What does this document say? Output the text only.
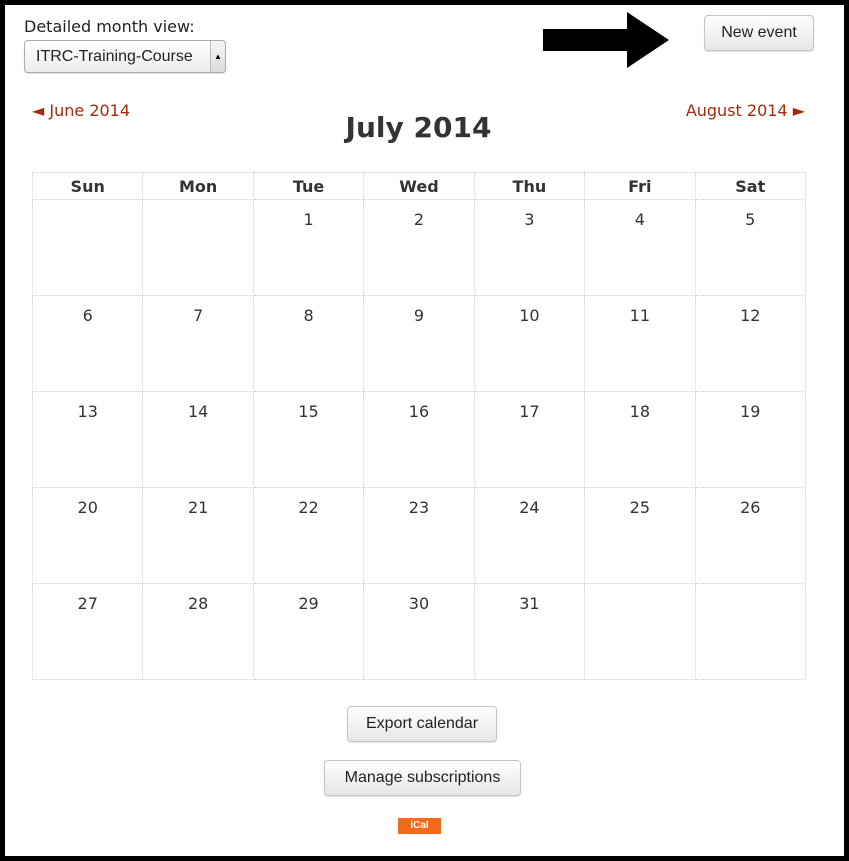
Detailed month view:
ITRC-Training-Course	▲

New event
◄ June 2014	August 2014 ►
July 2014
Sun	Mon	Tue	Wed	Thu	Fri	Sat
		1	2	3	4	5
6	7	8	9	10	11	12
13	14	15	16	17	18	19
20	21	22	23	24	25	26
27	28	29	30	31		
Export calendar
Manage subscriptions
iCal
